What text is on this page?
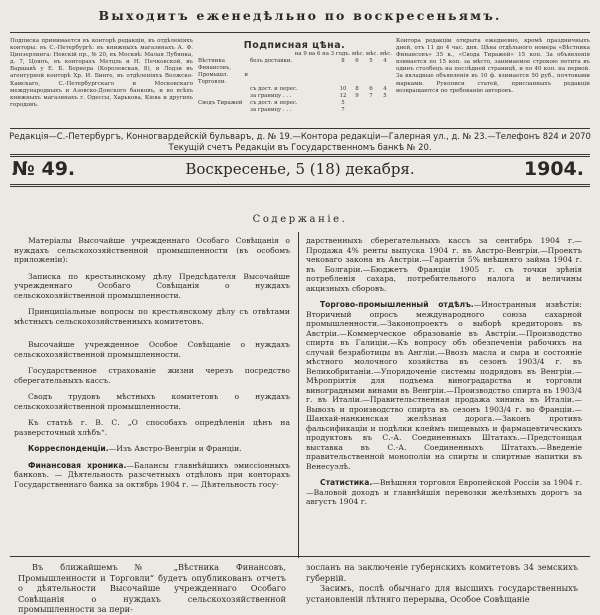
Выходитъ еженедѣльно по воскресеньямъ.
Подписка принимается въ конторѣ редакціи, въ отдѣленіяхъ конторы: въ С.-Петербургѣ: въ книжныхъ магазинахъ А. Ф. Цинзерлинга: Невскій пр., № 20, въ Москвѣ: Малая Лубянка, д. 7, Цояпъ, въ конторахъ Метцль и Н. Печковской, въ Варшавѣ у Е. Б. Бернера (Королевская, 8), и Лодзи въ агентурной конторѣ Хр. И. Бинге, въ отдѣленіяхъ Волжско-Камскаго, С.-Петербургскаго и Московскаго международныхъ и Азовско-Донского банковъ, и во всѣхъ книжныхъ магазинахъ г. Одессы, Харькова, Кіева и другихъ городовъ.
Подписная цѣна.
на 9 на 6 на 3 годъ. мѣс. мѣс. мѣс.
Вѣстника Финансовъ, Промышл. и Торговли.	безъ доставки.	8	6	5	4
	съ дост. и перес.	10	8	6	4
	за границу . . .	12	9	7	5
Сводъ Тиражей	съ дост. и перес.	5			
	за границу . . .	7			
Контора редакціи открыта ежедневно, кромѣ праздничныхъ дней, отъ 11 до 4 час. дня. Цѣна отдѣльного номера «Вѣстника Финансовъ» 35 к., «Свода Тиражей» 15 коп. За объявленія взимается по 15 коп. за мѣсто, занимаемое строкою петита въ одинъ столбецъ на послѣдней страницѣ, и по 40 коп. на первой. За вкладные объявленія въ 10 ф. взимается 50 руб., почтовыми марками. Рукописи статей, присланныхъ редакціи возвращаются по требованію авторовъ.
Редакція—С.-Петербургъ, Конногвардейскій бульваръ, д. № 19.—Контора редакціи—Галерная ул., д. № 23.—Телефонъ 824 и 2070
Текущій счетъ Редакціи въ Государственномъ банкѣ № 20.
№ 49.	Воскресенье, 5 (18) декабря.	1904.
Содержаніе.

Матеріалы Высочайше учрежденнаго Особаго Совѣщанія о нуждахъ сельскохозяйственной промышленности (въ особомъ приложеніи):

Записка по крестьянскому дѣлу Предсѣдателя Высочайше учрежденнаго Особаго Совѣщанія о нуждахъ сельскохозяйственной промышленности.

Принципіальные вопросы по крестьянскому дѣлу съ отвѣтами мѣстныхъ сельскохозяйственныхъ комитетовъ.

Высочайше учрежденное Особое Совѣщаніе о нуждахъ сельскохозяйственной промышленности.

Государственное страхованіе жизни черезъ посредство сберегательныхъ кассъ.

Сводъ трудовъ мѣстныхъ комитетовъ о нуждахъ сельскохозяйственной промышленности.

Къ статьѣ г. В. С. „О способахъ опредѣленія цѣнъ на разверсточный хлѣбъ“.

Корреспонденціи.—Изъ Австро-Венгріи и Франціи.

Финансовая хроника.—Балансы главнѣйшихъ эмиссіонныхъ банковъ. — Дѣятельность разсчетныхъ отдѣловъ при конторахъ Государственнаго банка за октябрь 1904 г. — Дѣятельность госу-

дарственныхъ сберегательныхъ кассъ за сентябрь 1904 г.—Продажа 4% ренты выпуска 1904 г. въ Австро-Венгріи.—Проектъ чековаго закона въ Австріи.—Гарантія 5% внѣшняго займа 1904 г. въ Болгаріи.—Бюджетъ Франціи 1905 г. съ точки зрѣнія потребленія сахара, потребительного налога и величины акцизныхъ сборовъ.

Торгово-промышленный отдѣлъ.—Иностранныя извѣстія: Вторичный опросъ международного союза сахарной промышленности.—Законопроектъ о выборѣ кредиторовъ въ Австріи.—Коммерческое образованіе въ Австріи.—Производство спирта въ Галиціи.—Къ вопросу объ обезпеченіи рабочихъ на случай безработицы въ Англіи.—Ввозъ масла и сыра и состояніе мѣстного молочного хозяйства въ сезонъ 1903/4 г. въ Великобританіи.—Упорядоченіе системы подрядовъ въ Венгріи.—Мѣропріятія для подъема виноградарства и торговли виноградными винами въ Венгріи.—Производство спирта въ 1903/4 г. въ Италіи.—Правительственная продажа хинина въ Италіи.—Вывозъ и производство спирта въ сезонъ 1903/4 г. во Франціи.—Шанхай-нанкинская желѣзная дорога.—Законъ противъ фальсификаціи и подѣлки клеймъ пищевыхъ и фармацевтическихъ продуктовъ въ С.-А. Соединенныхъ Штатахъ.—Предстоящая выставка въ С.-А. Соединенныхъ Штатахъ.—Введеніе правительственной монополіи на спирты и спиртные напитки въ Венесуэлѣ.

Статистика.—Внѣшняя торговля Европейской Россіи за 1904 г.—Валовой доходъ и главнѣйшія перевозки желѣзныхъ дорогъ за августъ 1904 г.

Въ ближайшемъ № „Вѣстника Финансовъ, Промышленности и Торговли“ будетъ опубликованъ отчетъ о дѣятельности Высочайше учрежденнаго Особаго Совѣщанія о нуждахъ сельскохозяйственной промышленности за пери-

зосланъ на заключеніе губернскихъ комитетовъ 34 земскихъ губерній.

Засимъ, послѣ обычнаго для высшихъ государственныхъ установленій лѣтняго перерыва, Особое Совѣщаніе
